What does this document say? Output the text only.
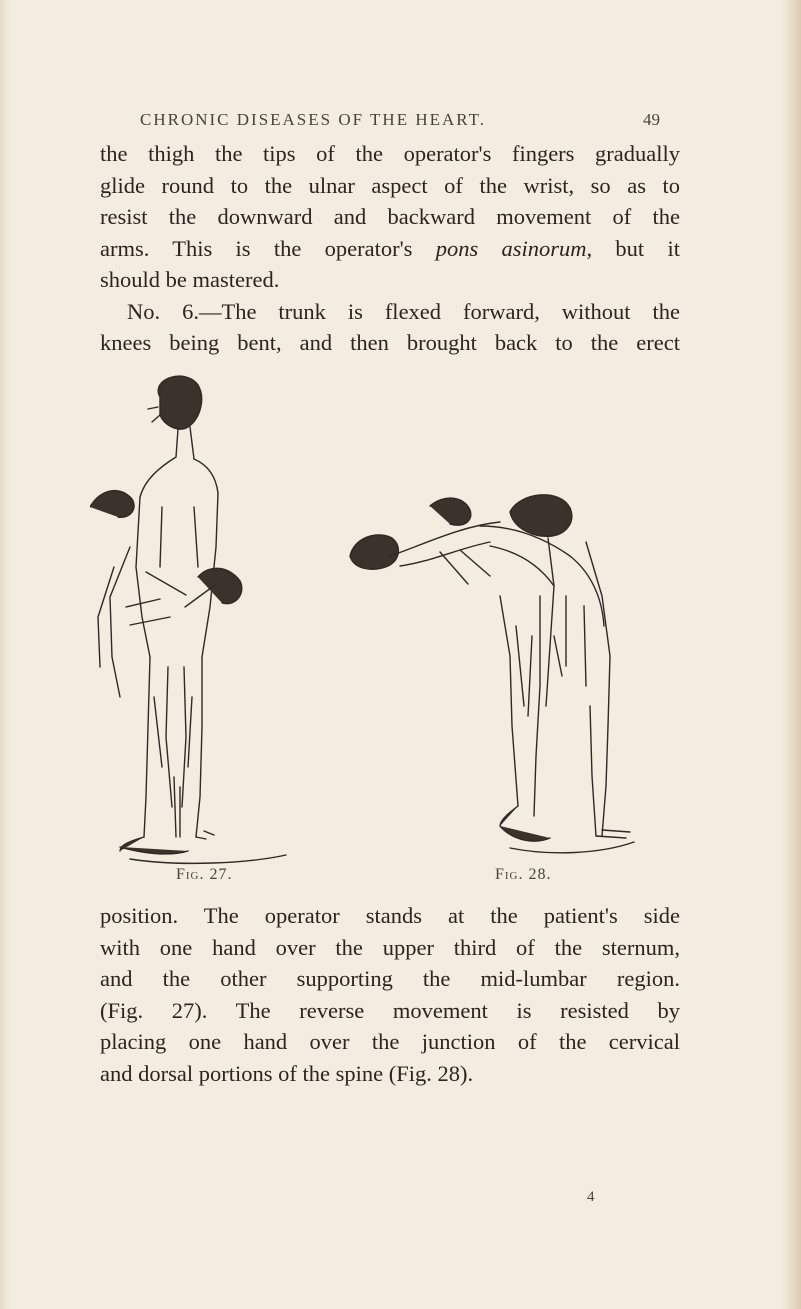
CHRONIC DISEASES OF THE HEART.	49

the thigh the tips of the operator's fingers gradually
glide round to the ulnar aspect of the wrist, so as to
resist the downward and backward movement of the
arms. This is the operator's pons asinorum, but it
should be mastered.
No. 6.—The trunk is flexed forward, without the
knees being bent, and then brought back to the erect

Fig. 27.	Fig. 28.

position. The operator stands at the patient's side
with one hand over the upper third of the sternum,
and the other supporting the mid-lumbar region.
(Fig. 27). The reverse movement is resisted by
placing one hand over the junction of the cervical
and dorsal portions of the spine (Fig. 28).

4
